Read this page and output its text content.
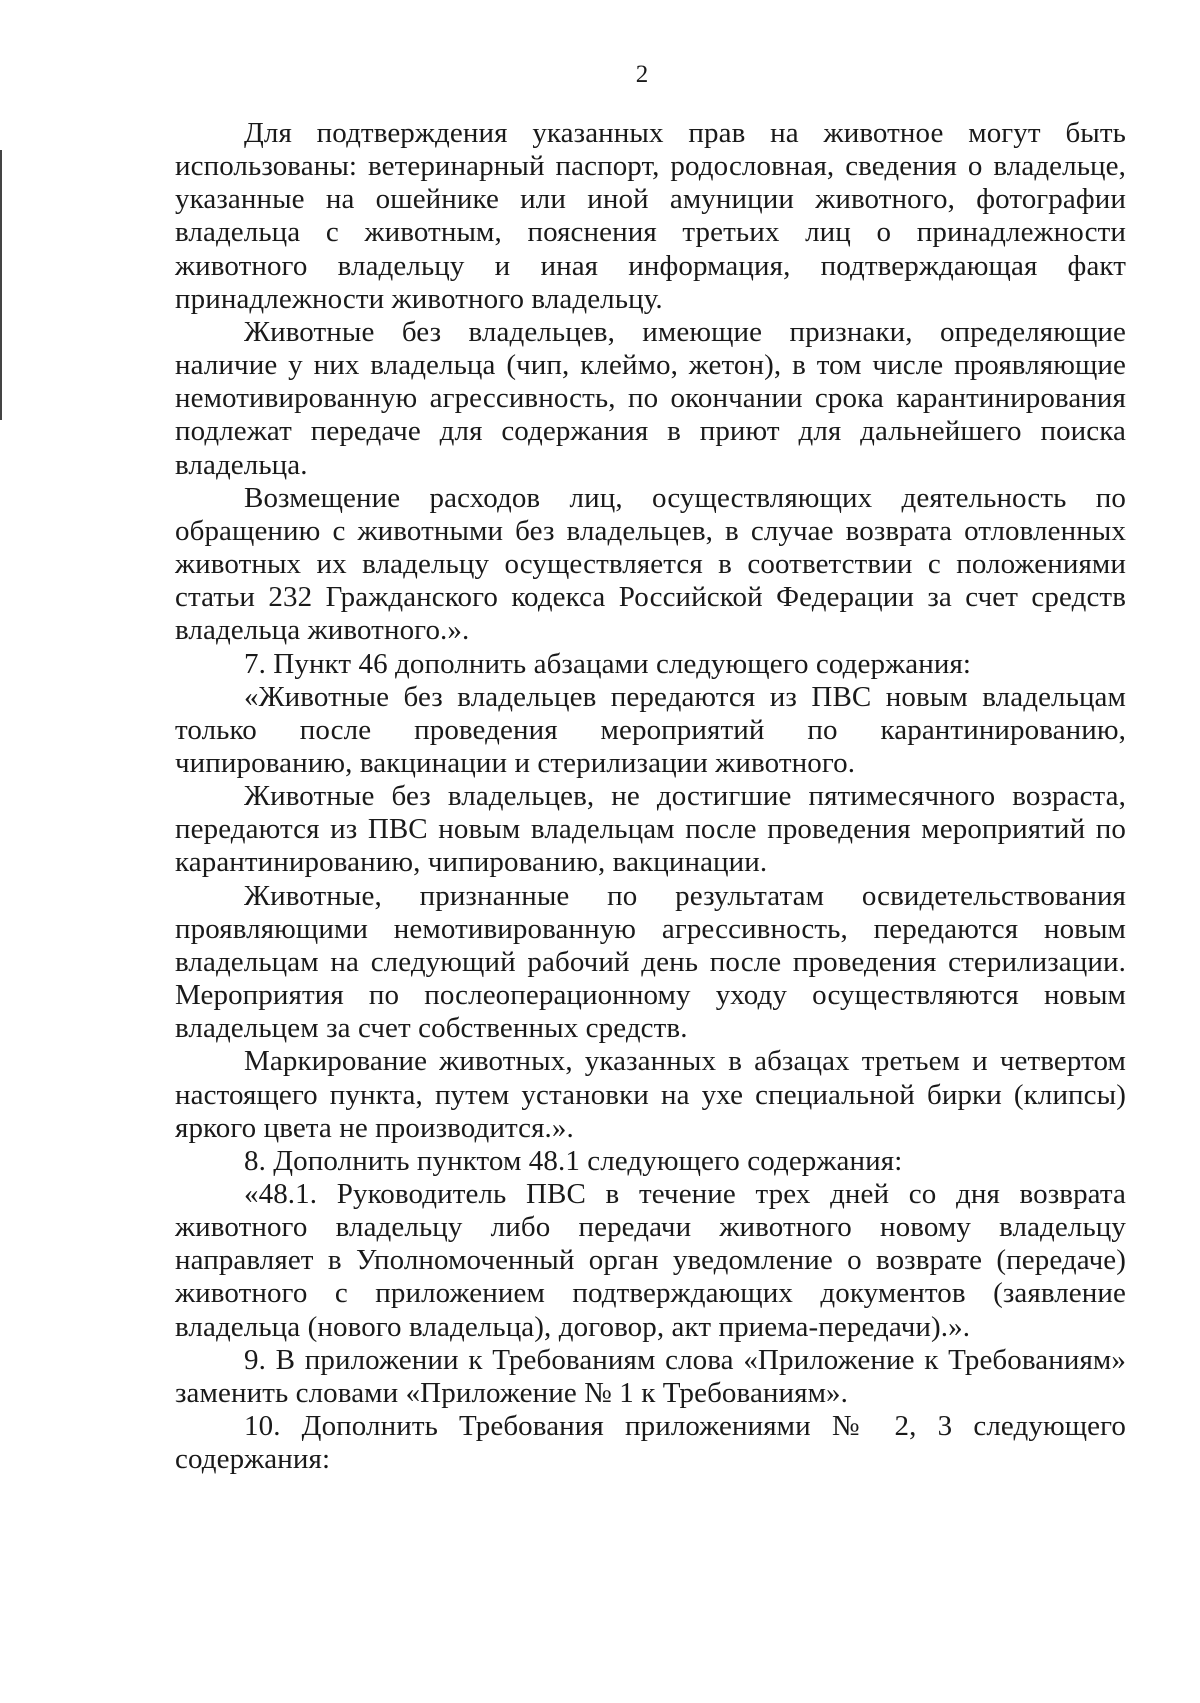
2

Для подтверждения указанных прав на животное могут быть использованы: ветеринарный паспорт, родословная, сведения о владельце, указанные на ошейнике или иной амуниции животного, фотографии владельца с животным, пояснения третьих лиц о принадлежности животного владельцу и иная информация, подтверждающая факт принадлежности животного владельцу.

Животные без владельцев, имеющие признаки, определяющие наличие у них владельца (чип, клеймо, жетон), в том числе проявляющие немотивированную агрессивность, по окончании срока карантинирования подлежат передаче для содержания в приют для дальнейшего поиска владельца.

Возмещение расходов лиц, осуществляющих деятельность по обращению с животными без владельцев, в случае возврата отловленных животных их владельцу осуществляется в соответствии с положениями статьи 232 Гражданского кодекса Российской Федерации за счет средств владельца животного.».

7. Пункт 46 дополнить абзацами следующего содержания:

«Животные без владельцев передаются из ПВС новым владельцам только после проведения мероприятий по карантинированию, чипированию, вакцинации и стерилизации животного.

Животные без владельцев, не достигшие пятимесячного возраста, передаются из ПВС новым владельцам после проведения мероприятий по карантинированию, чипированию, вакцинации.

Животные, признанные по результатам освидетельствования проявляющими немотивированную агрессивность, передаются новым владельцам на следующий рабочий день после проведения стерилизации. Мероприятия по послеоперационному уходу осуществляются новым владельцем за счет собственных средств.

Маркирование животных, указанных в абзацах третьем и четвертом настоящего пункта, путем установки на ухе специальной бирки (клипсы) яркого цвета не производится.».

8. Дополнить пунктом 48.1 следующего содержания:

«48.1. Руководитель ПВС в течение трех дней со дня возврата животного владельцу либо передачи животного новому владельцу направляет в Уполномоченный орган уведомление о возврате (передаче) животного с приложением подтверждающих документов (заявление владельца (нового владельца), договор, акт приема-передачи).».

9. В приложении к Требованиям слова «Приложение к Требованиям» заменить словами «Приложение № 1 к Требованиям».

10. Дополнить Требования приложениями № 2, 3 следующего содержания:
